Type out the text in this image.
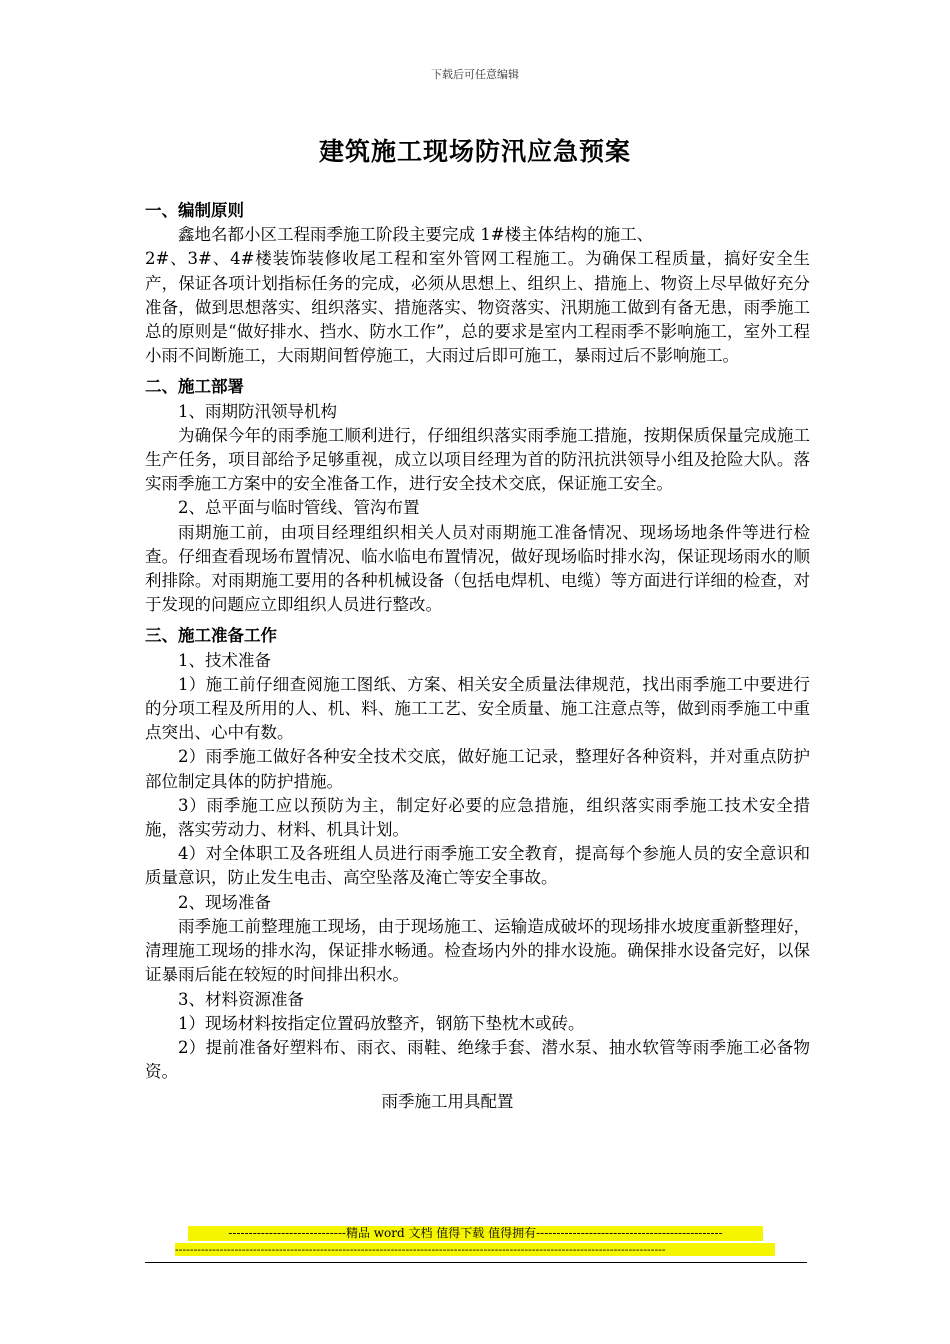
下载后可任意编辑
建筑施工现场防汛应急预案

一、编制原则

鑫地名都小区工程雨季施工阶段主要完成 1#楼主体结构的施工、

2#、3#、4#楼装饰装修收尾工程和室外管网工程施工。为确保工程质量，搞好安全生产，保证各项计划指标任务的完成，必须从思想上、组织上、措施上、物资上尽早做好充分准备，做到思想落实、组织落实、措施落实、物资落实、汛期施工做到有备无患，雨季施工总的原则是“做好排水、挡水、防水工作”，总的要求是室内工程雨季不影响施工，室外工程小雨不间断施工，大雨期间暂停施工，大雨过后即可施工，暴雨过后不影响施工。

二、施工部署

1、雨期防汛领导机构

为确保今年的雨季施工顺利进行，仔细组织落实雨季施工措施，按期保质保量完成施工生产任务，项目部给予足够重视，成立以项目经理为首的防汛抗洪领导小组及抢险大队。落实雨季施工方案中的安全准备工作，进行安全技术交底，保证施工安全。

2、总平面与临时管线、管沟布置

雨期施工前，由项目经理组织相关人员对雨期施工准备情况、现场场地条件等进行检查。仔细查看现场布置情况、临水临电布置情况，做好现场临时排水沟，保证现场雨水的顺利排除。对雨期施工要用的各种机械设备（包括电焊机、电缆）等方面进行详细的检查，对于发现的问题应立即组织人员进行整改。

三、施工准备工作

1、技术准备

1）施工前仔细查阅施工图纸、方案、相关安全质量法律规范，找出雨季施工中要进行的分项工程及所用的人、机、料、施工工艺、安全质量、施工注意点等，做到雨季施工中重点突出、心中有数。

2）雨季施工做好各种安全技术交底，做好施工记录，整理好各种资料，并对重点防护部位制定具体的防护措施。

3）雨季施工应以预防为主，制定好必要的应急措施，组织落实雨季施工技术安全措施，落实劳动力、材料、机具计划。

4）对全体职工及各班组人员进行雨季施工安全教育，提高每个参施人员的安全意识和质量意识，防止发生电击、高空坠落及淹亡等安全事故。

2、现场准备

雨季施工前整理施工现场，由于现场施工、运输造成破坏的现场排水坡度重新整理好，清理施工现场的排水沟，保证排水畅通。检查场内外的排水设施。确保排水设备完好，以保证暴雨后能在较短的时间排出积水。

3、材料资源准备

1）现场材料按指定位置码放整齐，钢筋下垫枕木或砖。

2）提前准备好塑料布、雨衣、雨鞋、绝缘手套、潜水泵、抽水软管等雨季施工必备物资。

雨季施工用具配置

-----------------------------精品 word 文档 值得下载 值得拥有----------------------------------------------
------------------------------------------------------------------------------------------------------------------------------------
